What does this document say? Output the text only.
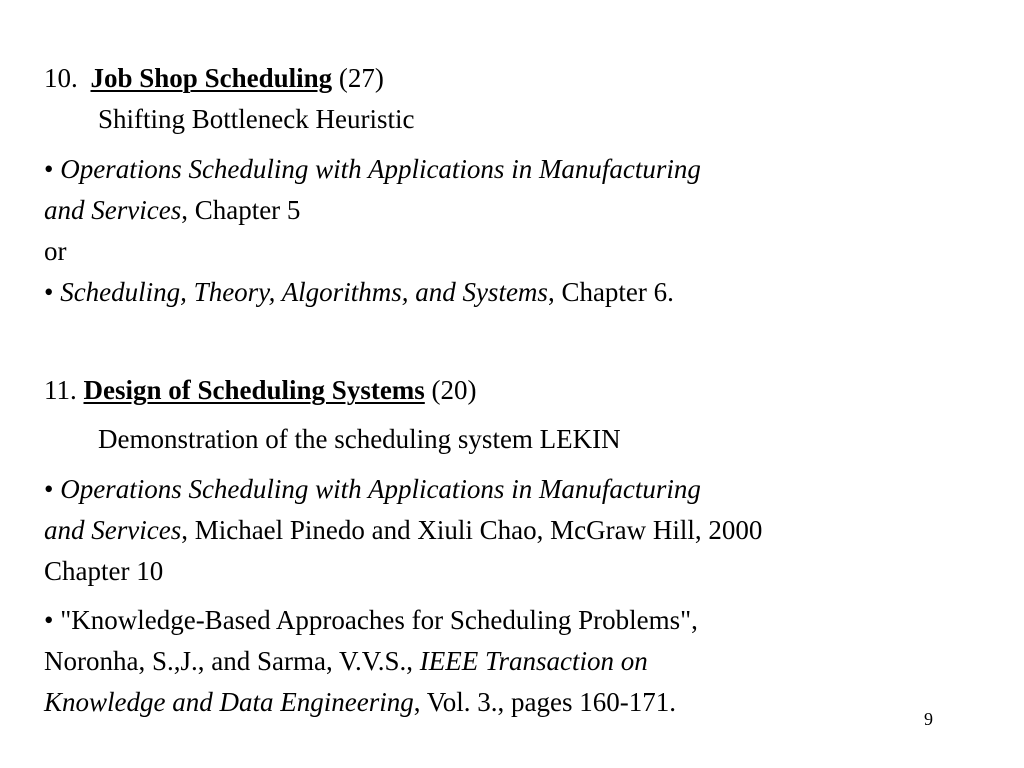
10. Job Shop Scheduling (27)
Shifting Bottleneck Heuristic
• Operations Scheduling with Applications in Manufacturing
and Services, Chapter 5
or
• Scheduling, Theory, Algorithms, and Systems, Chapter 6.
11. Design of Scheduling Systems (20)
Demonstration of the scheduling system LEKIN
• Operations Scheduling with Applications in Manufacturing
and Services, Michael Pinedo and Xiuli Chao, McGraw Hill, 2000
Chapter 10
• "Knowledge-Based Approaches for Scheduling Problems",
Noronha, S.,J., and Sarma, V.V.S., IEEE Transaction on
Knowledge and Data Engineering, Vol. 3., pages 160-171.
9
